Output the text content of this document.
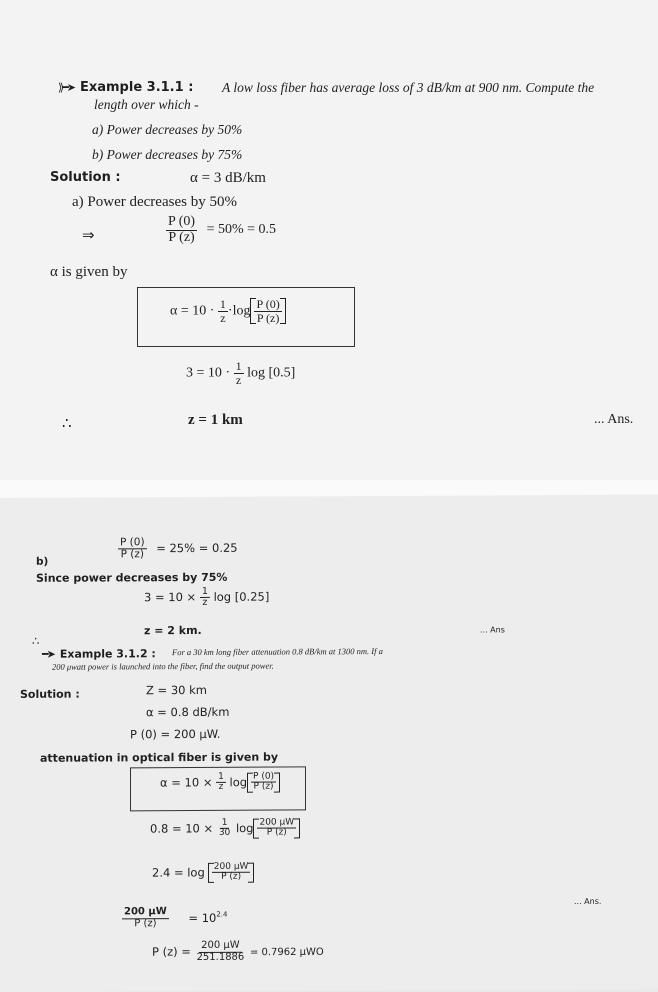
⟫━➤ Example 3.1.1 : A low loss fiber has average loss of 3 dB/km at 900 nm. Compute the
length over which -
a) Power decreases by 50%
b) Power decreases by 75%
Solution :	α = 3 dB/km
a) Power decreases by 50%
⇒	$\frac{P (0)}{P (z)} = 50\% = 0.5$
α is given by
$\alpha = 10 \cdot \frac{1}{z} \cdot\log \frac{P (0)}{P (z)}$
$3 = 10 \cdot \frac{1}{z}$ log [0.5]
∴	z = 1 km	... Ans.
b)
$\frac{P (0)}{P (z)} = 25\% = 0.25$
Since power decreases by 75%
$3 = 10 \times \frac{1}{z}$ log [0.25]
∴
z = 2 km.	... Ans
━➤ Example 3.1.2 : For a 30 km long fiber attenuation 0.8 dB/km at 1300 nm. If a
200 μwatt power is launched into the fiber, find the output power.
Solution :	Z = 30 km
α = 0.8 dB/km
P (0) = 200 μW.
attenuation in optical fiber is given by
$\alpha = 10 \times \frac{1}{z}$ $\log \frac{P (0)}{P (z)}$
$0.8 = 10 \times \frac{1}{30}$ $\log \frac{200 \mu W}{P (z)}$
$2.4 = \log \frac{200 \mu W}{P (z)}$
$\frac{200 \mu W}{P (z)} = 10^{2.4}$
... Ans.
P $(z) = \frac{200 \mu W}{251.1886} = 0.7962$ μWO
